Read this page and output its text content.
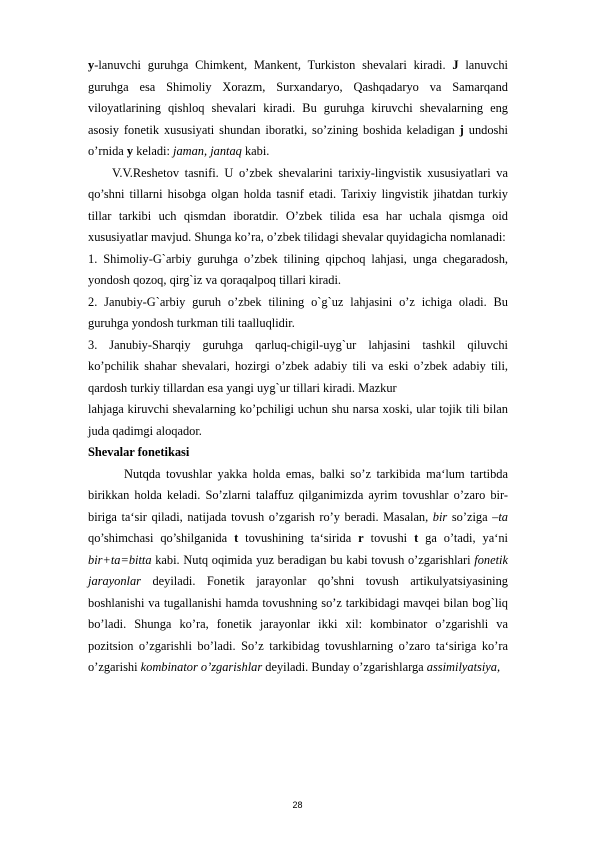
y-lanuvchi guruhga Chimkent, Mankent, Turkiston shevalari kiradi. J lanuvchi guruhga esa Shimoliy Xorazm, Surxandaryo, Qashqadaryo va Samarqand viloyatlarining qishloq shevalari kiradi. Bu guruhga kiruvchi shevalarning eng asosiy fonetik xususiyati shundan iboratki, so’zining boshida keladigan j undoshi o’rnida y keladi: jaman, jantaq kabi.

V.V.Reshetov tasnifi. U o’zbek shevalarini tarixiy-lingvistik xususiyatlari va qo’shni tillarni hisobga olgan holda tasnif etadi. Tarixiy lingvistik jihatdan turkiy tillar tarkibi uch qismdan iboratdir. O’zbek tilida esa har uchala qismga oid xususiyatlar mavjud. Shunga ko’ra, o’zbek tilidagi shevalar quyidagicha nomlanadi:

1. Shimoliy-G`arbiy guruhga o’zbek tilining qipchoq lahjasi, unga chegaradosh, yondosh qozoq, qirg`iz va qoraqalpoq tillari kiradi.

2. Janubiy-G`arbiy guruh o’zbek tilining o`g`uz lahjasini o’z ichiga oladi. Bu guruhga yondosh turkman tili taalluqlidir.

3. Janubiy-Sharqiy guruhga qarluq-chigil-uyg`ur lahjasini tashkil qiluvchi ko’pchilik shahar shevalari, hozirgi o’zbek adabiy tili va eski o’zbek adabiy tili, qardosh turkiy tillardan esa yangi uyg`ur tillari kiradi. Mazkur

lahjaga kiruvchi shevalarning ko’pchiligi uchun shu narsa xoski, ular tojik tili bilan juda qadimgi aloqador.

Shevalar fonetikasi

Nutqda tovushlar yakka holda emas, balki so’z tarkibida ma‘lum tartibda birikkan holda keladi. So’zlarni talaffuz qilganimizda ayrim tovushlar o’zaro bir-biriga ta‘sir qiladi, natijada tovush o’zgarish ro’y beradi. Masalan, bir so’ziga –ta qo’shimchasi qo’shilganida t tovushining ta‘sirida r tovushi t ga o’tadi, ya‘ni bir+ta=bitta kabi. Nutq oqimida yuz beradigan bu kabi tovush o’zgarishlari fonetik jarayonlar deyiladi. Fonetik jarayonlar qo’shni tovush artikulyatsiyasining boshlanishi va tugallanishi hamda tovushning so’z tarkibidagi mavqei bilan bog`liq bo’ladi. Shunga ko’ra, fonetik jarayonlar ikki xil: kombinator o’zgarishli va pozitsion o’zgarishli bo’ladi. So’z tarkibidag tovushlarning o’zaro ta‘siriga ko’ra o’zgarishi kombinator o’zgarishlar deyiladi. Bunday o’zgarishlarga assimilyatsiya,

28
